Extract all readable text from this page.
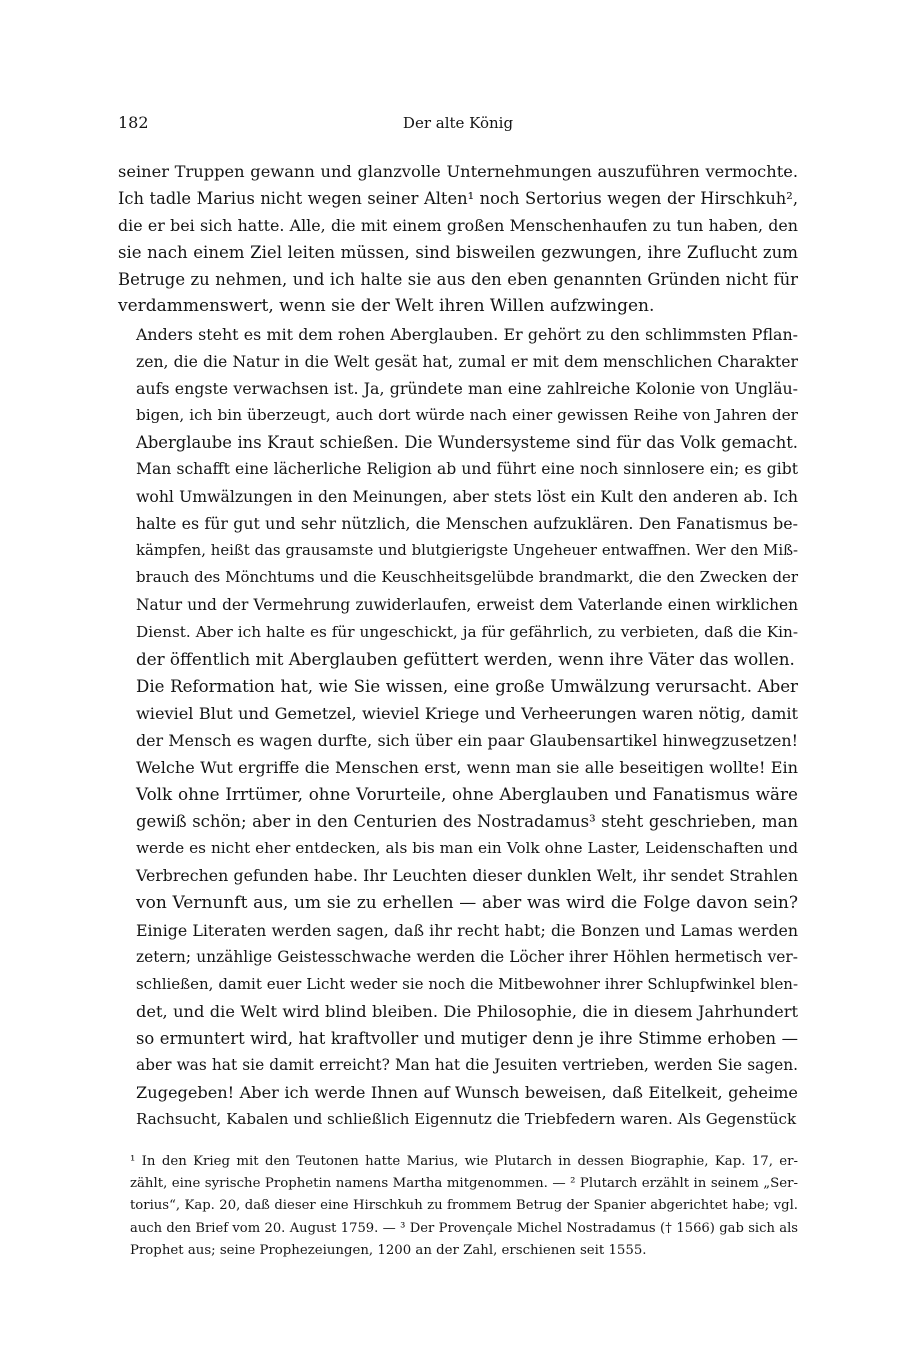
182	Der alte König

seiner Truppen gewann und glanzvolle Unternehmungen auszuführen vermochte.
Ich tadle Marius nicht wegen seiner Alten¹ noch Sertorius wegen der Hirschkuh²,
die er bei sich hatte. Alle, die mit einem großen Menschenhaufen zu tun haben, den
sie nach einem Ziel leiten müssen, sind bisweilen gezwungen, ihre Zuflucht zum
Betruge zu nehmen, und ich halte sie aus den eben genannten Gründen nicht für
verdammenswert, wenn sie der Welt ihren Willen aufzwingen.

Anders steht es mit dem rohen Aberglauben. Er gehört zu den schlimmsten Pflan-
zen, die die Natur in die Welt gesät hat, zumal er mit dem menschlichen Charakter
aufs engste verwachsen ist. Ja, gründete man eine zahlreiche Kolonie von Ungläu-
bigen, ich bin überzeugt, auch dort würde nach einer gewissen Reihe von Jahren der
Aberglaube ins Kraut schießen. Die Wundersysteme sind für das Volk gemacht.
Man schafft eine lächerliche Religion ab und führt eine noch sinnlosere ein; es gibt
wohl Umwälzungen in den Meinungen, aber stets löst ein Kult den anderen ab. Ich
halte es für gut und sehr nützlich, die Menschen aufzuklären. Den Fanatismus be-
kämpfen, heißt das grausamste und blutgierigste Ungeheuer entwaffnen. Wer den Miß-
brauch des Mönchtums und die Keuschheitsgelübde brandmarkt, die den Zwecken der
Natur und der Vermehrung zuwiderlaufen, erweist dem Vaterlande einen wirklichen
Dienst. Aber ich halte es für ungeschickt, ja für gefährlich, zu verbieten, daß die Kin-
der öffentlich mit Aberglauben gefüttert werden, wenn ihre Väter das wollen.

Die Reformation hat, wie Sie wissen, eine große Umwälzung verursacht. Aber
wieviel Blut und Gemetzel, wieviel Kriege und Verheerungen waren nötig, damit
der Mensch es wagen durfte, sich über ein paar Glaubensartikel hinwegzusetzen!
Welche Wut ergriffe die Menschen erst, wenn man sie alle beseitigen wollte! Ein
Volk ohne Irrtümer, ohne Vorurteile, ohne Aberglauben und Fanatismus wäre
gewiß schön; aber in den Centurien des Nostradamus³ steht geschrieben, man
werde es nicht eher entdecken, als bis man ein Volk ohne Laster, Leidenschaften und
Verbrechen gefunden habe. Ihr Leuchten dieser dunklen Welt, ihr sendet Strahlen
von Vernunft aus, um sie zu erhellen — aber was wird die Folge davon sein?
Einige Literaten werden sagen, daß ihr recht habt; die Bonzen und Lamas werden
zetern; unzählige Geistesschwache werden die Löcher ihrer Höhlen hermetisch ver-
schließen, damit euer Licht weder sie noch die Mitbewohner ihrer Schlupfwinkel blen-
det, und die Welt wird blind bleiben. Die Philosophie, die in diesem Jahrhundert
so ermuntert wird, hat kraftvoller und mutiger denn je ihre Stimme erhoben —
aber was hat sie damit erreicht? Man hat die Jesuiten vertrieben, werden Sie sagen.
Zugegeben! Aber ich werde Ihnen auf Wunsch beweisen, daß Eitelkeit, geheime
Rachsucht, Kabalen und schließlich Eigennutz die Triebfedern waren. Als Gegenstück

¹ In den Krieg mit den Teutonen hatte Marius, wie Plutarch in dessen Biographie, Kap. 17, er-
zählt, eine syrische Prophetin namens Martha mitgenommen. — ² Plutarch erzählt in seinem „Ser-
torius“, Kap. 20, daß dieser eine Hirschkuh zu frommem Betrug der Spanier abgerichtet habe; vgl.
auch den Brief vom 20. August 1759. — ³ Der Provençale Michel Nostradamus († 1566) gab sich als
Prophet aus; seine Prophezeiungen, 1200 an der Zahl, erschienen seit 1555.
